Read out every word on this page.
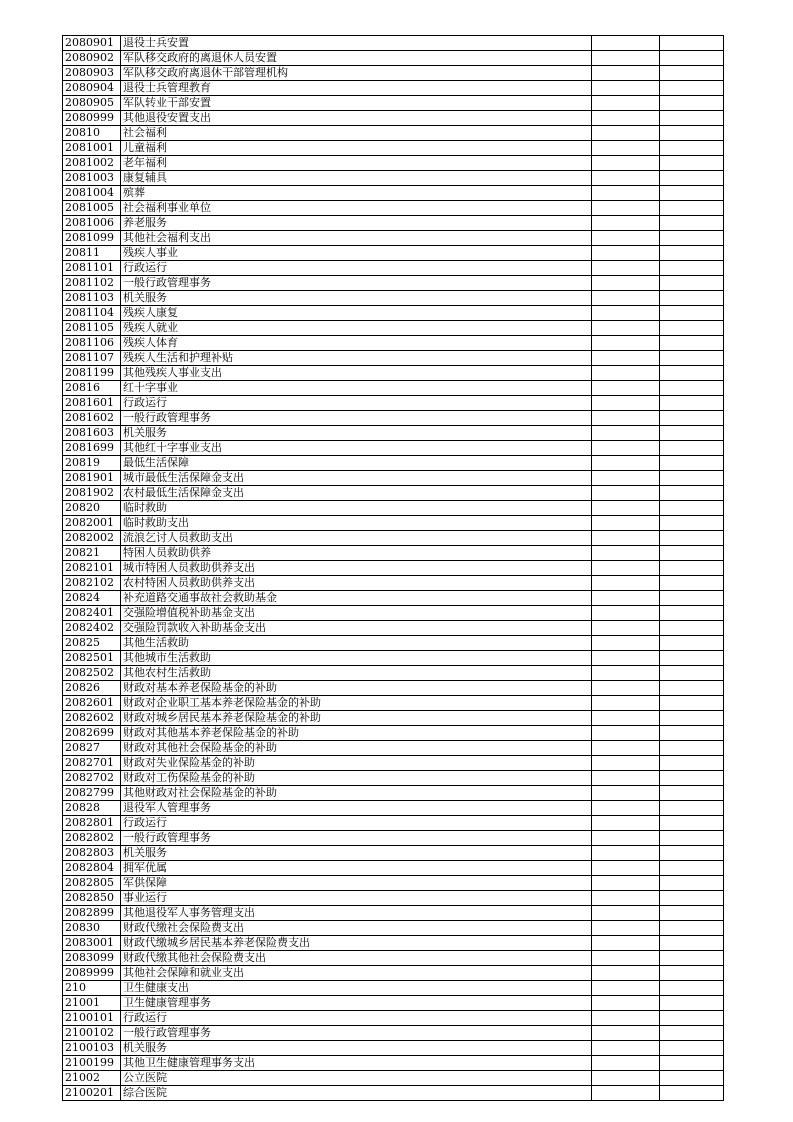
2080901	退役士兵安置		
2080902	军队移交政府的离退休人员安置		
2080903	军队移交政府离退休干部管理机构		
2080904	退役士兵管理教育		
2080905	军队转业干部安置		
2080999	其他退役安置支出		
20810	社会福利		
2081001	儿童福利		
2081002	老年福利		
2081003	康复辅具		
2081004	殡葬		
2081005	社会福利事业单位		
2081006	养老服务		
2081099	其他社会福利支出		
20811	残疾人事业		
2081101	行政运行		
2081102	一般行政管理事务		
2081103	机关服务		
2081104	残疾人康复		
2081105	残疾人就业		
2081106	残疾人体育		
2081107	残疾人生活和护理补贴		
2081199	其他残疾人事业支出		
20816	红十字事业		
2081601	行政运行		
2081602	一般行政管理事务		
2081603	机关服务		
2081699	其他红十字事业支出		
20819	最低生活保障		
2081901	城市最低生活保障金支出		
2081902	农村最低生活保障金支出		
20820	临时救助		
2082001	临时救助支出		
2082002	流浪乞讨人员救助支出		
20821	特困人员救助供养		
2082101	城市特困人员救助供养支出		
2082102	农村特困人员救助供养支出		
20824	补充道路交通事故社会救助基金		
2082401	交强险增值税补助基金支出		
2082402	交强险罚款收入补助基金支出		
20825	其他生活救助		
2082501	其他城市生活救助		
2082502	其他农村生活救助		
20826	财政对基本养老保险基金的补助		
2082601	财政对企业职工基本养老保险基金的补助		
2082602	财政对城乡居民基本养老保险基金的补助		
2082699	财政对其他基本养老保险基金的补助		
20827	财政对其他社会保险基金的补助		
2082701	财政对失业保险基金的补助		
2082702	财政对工伤保险基金的补助		
2082799	其他财政对社会保险基金的补助		
20828	退役军人管理事务		
2082801	行政运行		
2082802	一般行政管理事务		
2082803	机关服务		
2082804	拥军优属		
2082805	军供保障		
2082850	事业运行		
2082899	其他退役军人事务管理支出		
20830	财政代缴社会保险费支出		
2083001	财政代缴城乡居民基本养老保险费支出		
2083099	财政代缴其他社会保险费支出		
2089999	其他社会保障和就业支出		
210	卫生健康支出		
21001	卫生健康管理事务		
2100101	行政运行		
2100102	一般行政管理事务		
2100103	机关服务		
2100199	其他卫生健康管理事务支出		
21002	公立医院		
2100201	综合医院		
